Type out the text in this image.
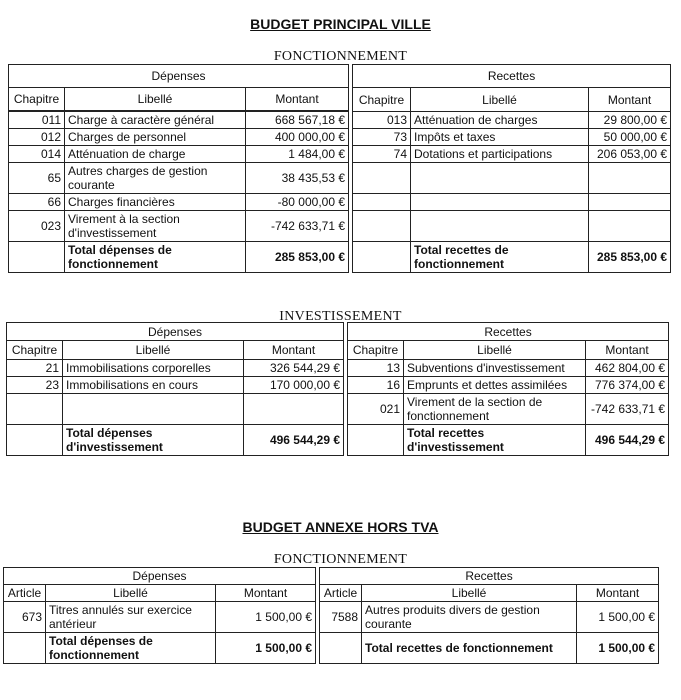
BUDGET PRINCIPAL VILLE
FONCTIONNEMENT
Dépenses				Recettes		
Chapitre	Libellé	Montant		Chapitre	Libellé	Montant

011	Charge à caractère général	668 567,18 €		013	Atténuation de charges	29 800,00 €
012	Charges de personnel	400 000,00 €		73	Impôts et taxes	50 000,00 €
014	Atténuation de charge	1 484,00 €		74	Dotations et participations	206 053,00 €
65	Autres charges de gestion courante	38 435,53 €				
66	Charges financières	-80 000,00 €				
023	Virement à la section d'investissement	-742 633,71 €				
	Total dépenses de fonctionnement	285 853,00 €			Total recettes de fonctionnement	285 853,00 €
INVESTISSEMENT
Dépenses				Recettes		
Chapitre	Libellé	Montant		Chapitre	Libellé	Montant
21	Immobilisations corporelles	326 544,29 €		13	Subventions d'investissement	462 804,00 €
23	Immobilisations en cours	170 000,00 €		16	Emprunts et dettes assimilées	776 374,00 €
				021	Virement de la section de fonctionnement	-742 633,71 €
	Total dépenses d'investissement	496 544,29 €			Total recettes d'investissement	496 544,29 €
BUDGET ANNEXE HORS TVA
FONCTIONNEMENT
Dépenses				Recettes		
Article	Libellé	Montant		Article	Libellé	Montant
673	Titres annulés sur exercice antérieur	1 500,00 €		7588	Autres produits divers de gestion courante	1 500,00 €
	Total dépenses de fonctionnement	1 500,00 €			Total recettes de fonctionnement	1 500,00 €
